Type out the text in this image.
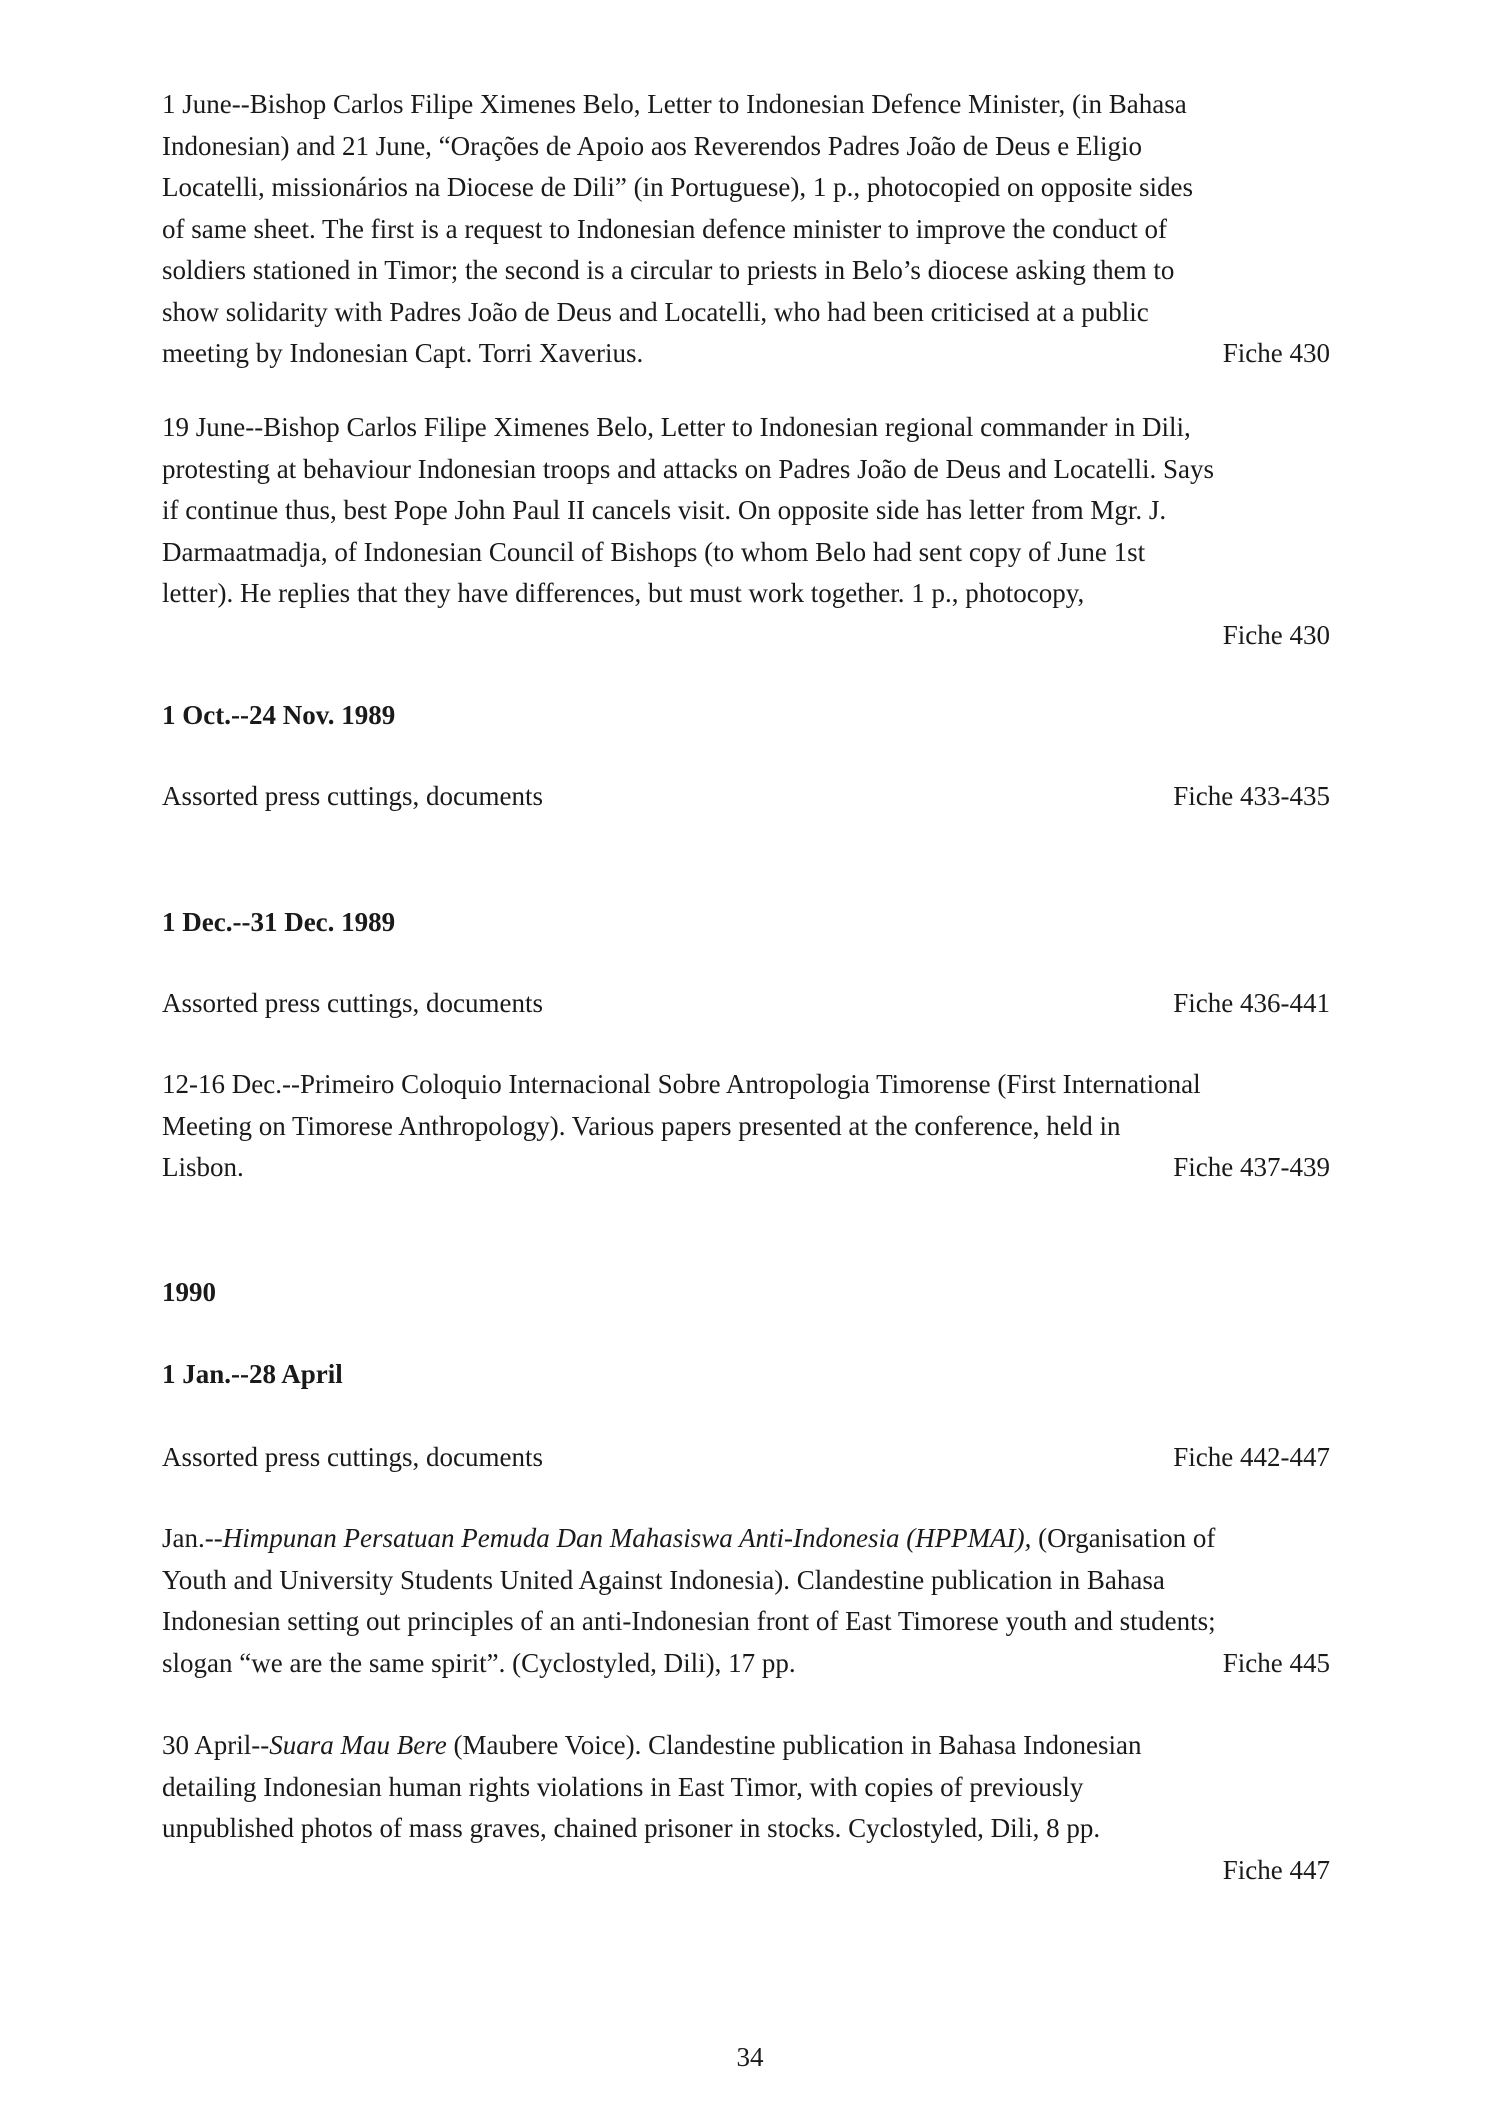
1 June--Bishop Carlos Filipe Ximenes Belo, Letter to Indonesian Defence Minister, (in Bahasa
Indonesian) and 21 June, “Orações de Apoio aos Reverendos Padres João de Deus e Eligio
Locatelli, missionários na Diocese de Dili” (in Portuguese), 1 p., photocopied on opposite sides
of same sheet. The first is a request to Indonesian defence minister to improve the conduct of
soldiers stationed in Timor; the second is a circular to priests in Belo’s diocese asking them to
show solidarity with Padres João de Deus and Locatelli, who had been criticised at a public
meeting by Indonesian Capt. Torri Xaverius.	Fiche 430
19 June--Bishop Carlos Filipe Ximenes Belo, Letter to Indonesian regional commander in Dili,
protesting at behaviour Indonesian troops and attacks on Padres João de Deus and Locatelli. Says
if continue thus, best Pope John Paul II cancels visit. On opposite side has letter from Mgr. J.
Darmaatmadja, of Indonesian Council of Bishops (to whom Belo had sent copy of June 1st
letter). He replies that they have differences, but must work together. 1 p., photocopy,
Fiche 430
1 Oct.--24 Nov. 1989
Assorted press cuttings, documents	Fiche 433-435
1 Dec.--31 Dec. 1989
Assorted press cuttings, documents	Fiche 436-441
12-16 Dec.--Primeiro Coloquio Internacional Sobre Antropologia Timorense (First International
Meeting on Timorese Anthropology). Various papers presented at the conference, held in
Lisbon.	Fiche 437-439
1990
1 Jan.--28 April
Assorted press cuttings, documents	Fiche 442-447
Jan.--Himpunan Persatuan Pemuda Dan Mahasiswa Anti-Indonesia (HPPMAI), (Organisation of
Youth and University Students United Against Indonesia). Clandestine publication in Bahasa
Indonesian setting out principles of an anti-Indonesian front of East Timorese youth and students;
slogan “we are the same spirit”. (Cyclostyled, Dili), 17 pp.	Fiche 445
30 April--Suara Mau Bere (Maubere Voice). Clandestine publication in Bahasa Indonesian
detailing Indonesian human rights violations in East Timor, with copies of previously
unpublished photos of mass graves, chained prisoner in stocks. Cyclostyled, Dili, 8 pp.
Fiche 447
34
